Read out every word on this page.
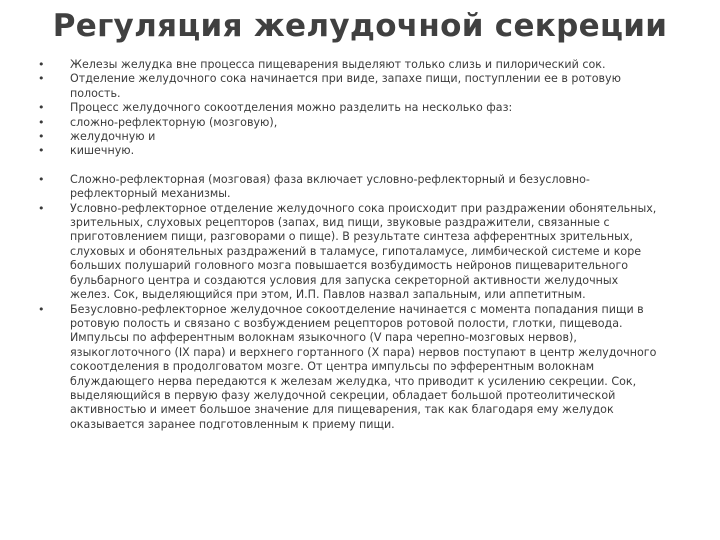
Регуляция желудочной секреции
• Железы желудка вне процесса пищеварения выделяют только слизь и пилорический сок.
• Отделение желудочного сока начинается при виде, запахе пищи, поступлении ее в ротовую полость.
• Процесс желудочного сокоотделения можно разделить на несколько фаз:
• сложно-рефлекторную (мозговую),
• желудочную и
• кишечную.
• Сложно-рефлекторная (мозговая) фаза включает условно-рефлекторный и безусловно-рефлекторный механизмы.
• Условно-рефлекторное отделение желудочного сока происходит при раздражении обонятельных, зрительных, слуховых рецепторов (запах, вид пищи, звуковые раздражители, связанные с приготовлением пищи, разговорами о пище). В результате синтеза афферентных зрительных, слуховых и обонятельных раздражений в таламусе, гипоталамусе, лимбической системе и коре больших полушарий головного мозга повышается возбудимость нейронов пищеварительного бульбарного центра и создаются условия для запуска секреторной активности желудочных желез. Сок, выделяющийся при этом, И.П. Павлов назвал запальным, или аппетитным.
• Безусловно-рефлекторное желудочное сокоотделение начинается с момента попадания пищи в ротовую полость и связано с возбуждением рецепторов ротовой полости, глотки, пищевода. Импульсы по афферентным волокнам языкочного (V пара черепно-мозговых нервов), языкоглоточного (IX пара) и верхнего гортанного (X пара) нервов поступают в центр желудочного сокоотделения в продолговатом мозге. От центра импульсы по эфферентным волокнам блуждающего нерва передаются к железам желудка, что приводит к усилению секреции. Сок, выделяющийся в первую фазу желудочной секреции, обладает большой протеолитической активностью и имеет большое значение для пищеварения, так как благодаря ему желудок оказывается заранее подготовленным к приему пищи.
